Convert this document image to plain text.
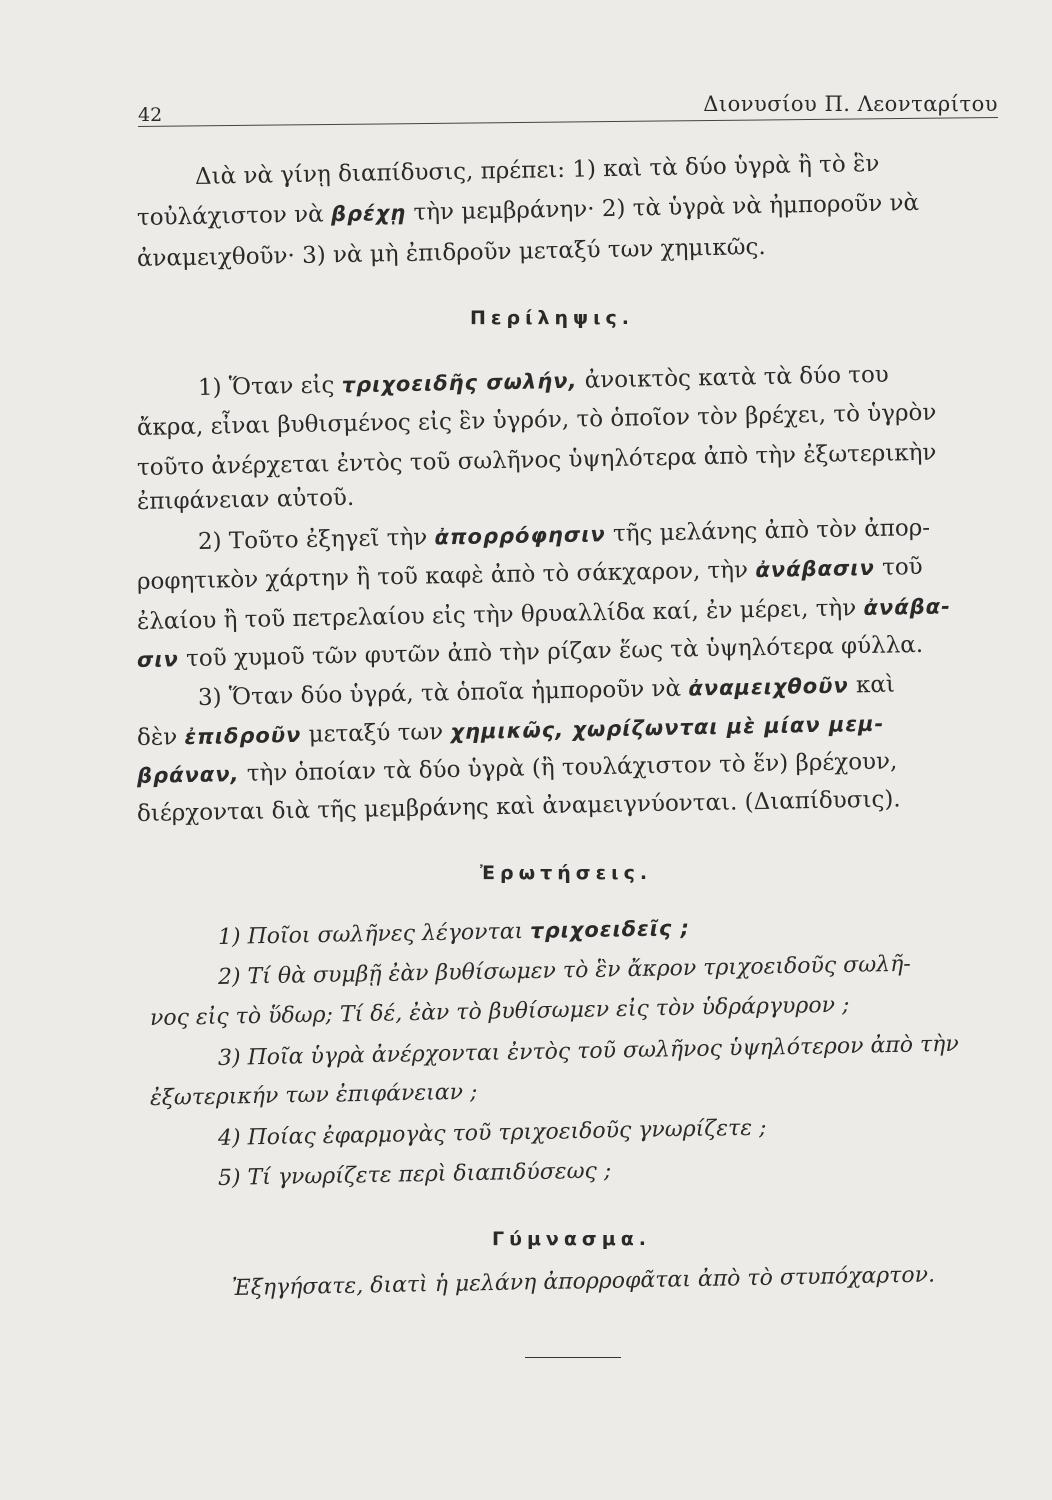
42	Διονυσίου Π. Λεονταρίτου
Διὰ νὰ γίνῃ διαπίδυσις, πρέπει: 1) καὶ τὰ δύο ὑγρὰ ἢ τὸ ἓν
τοὐλάχιστον νὰ βρέχῃ τὴν μεμβράνην· 2) τὰ ὑγρὰ νὰ ἠμποροῦν νὰ
ἀναμειχθοῦν· 3) νὰ μὴ ἐπιδροῦν μεταξύ των χημικῶς.
Περίληψις.
1) Ὅταν εἰς τριχοειδῆς σωλήν, ἀνοικτὸς κατὰ τὰ δύο του
ἄκρα, εἶναι βυθισμένος εἰς ἓν ὑγρόν, τὸ ὁποῖον τὸν βρέχει, τὸ ὑγρὸν
τοῦτο ἀνέρχεται ἐντὸς τοῦ σωλῆνος ὑψηλότερα ἀπὸ τὴν ἐξωτερικὴν
ἐπιφάνειαν αὐτοῦ.
2) Τοῦτο ἐξηγεῖ τὴν ἀπορρόφησιν τῆς μελάνης ἀπὸ τὸν ἀπορ-
ροφητικὸν χάρτην ἢ τοῦ καφὲ ἀπὸ τὸ σάκχαρον, τὴν ἀνάβασιν τοῦ
ἐλαίου ἢ τοῦ πετρελαίου εἰς τὴν θρυαλλίδα καί, ἐν μέρει, τὴν ἀνάβα-
σιν τοῦ χυμοῦ τῶν φυτῶν ἀπὸ τὴν ρίζαν ἕως τὰ ὑψηλότερα φύλλα.
3) Ὅταν δύο ὑγρά, τὰ ὁποῖα ἠμποροῦν νὰ ἀναμειχθοῦν καὶ
δὲν ἐπιδροῦν μεταξύ των χημικῶς, χωρίζωνται μὲ μίαν μεμ-
βράναν, τὴν ὁποίαν τὰ δύο ὑγρὰ (ἢ τουλάχιστον τὸ ἕν) βρέχουν,
διέρχονται διὰ τῆς μεμβράνης καὶ ἀναμειγνύονται. (Διαπίδυσις).
Ἐρωτήσεις.
1) Ποῖοι σωλῆνες λέγονται τριχοειδεῖς ;
2) Τί θὰ συμβῇ ἐὰν βυθίσωμεν τὸ ἓν ἄκρον τριχοειδοῦς σωλῆ-
νος εἰς τὸ ὕδωρ; Τί δέ, ἐὰν τὸ βυθίσωμεν εἰς τὸν ὑδράργυρον ;
3) Ποῖα ὑγρὰ ἀνέρχονται ἐντὸς τοῦ σωλῆνος ὑψηλότερον ἀπὸ τὴν
ἐξωτερικήν των ἐπιφάνειαν ;
4) Ποίας ἐφαρμογὰς τοῦ τριχοειδοῦς γνωρίζετε ;
5) Τί γνωρίζετε περὶ διαπιδύσεως ;
Γύμνασμα.
Ἐξηγήσατε, διατὶ ἡ μελάνη ἀπορροφᾶται ἀπὸ τὸ στυπόχαρτον.
